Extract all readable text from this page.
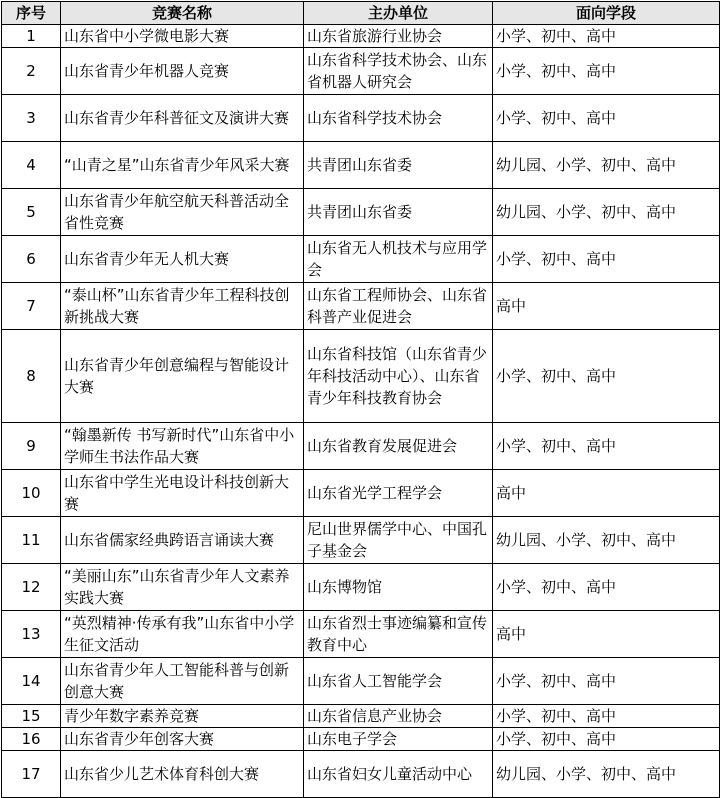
序号	竞赛名称	主办单位	面向学段
1	山东省中小学微电影大赛	山东省旅游行业协会	小学、初中、高中
2	山东省青少年机器人竞赛	山东省科学技术协会、山东省机器人研究会	小学、初中、高中
3	山东省青少年科普征文及演讲大赛	山东省科学技术协会	小学、初中、高中
4	“山青之星”山东省青少年风采大赛	共青团山东省委	幼儿园、小学、初中、高中
5	山东省青少年航空航天科普活动全省性竞赛	共青团山东省委	幼儿园、小学、初中、高中
6	山东省青少年无人机大赛	山东省无人机技术与应用学会	小学、初中、高中
7	“泰山杯”山东省青少年工程科技创新挑战大赛	山东省工程师协会、山东省科普产业促进会	高中
8	山东省青少年创意编程与智能设计大赛	山东省科技馆（山东省青少年科技活动中心）、山东省青少年科技教育协会	小学、初中、高中
9	“翰墨新传 书写新时代”山东省中小学师生书法作品大赛	山东省教育发展促进会	小学、初中、高中
10	山东省中学生光电设计科技创新大赛	山东省光学工程学会	高中
11	山东省儒家经典跨语言诵读大赛	尼山世界儒学中心、中国孔子基金会	幼儿园、小学、初中、高中
12	“美丽山东”山东省青少年人文素养实践大赛	山东博物馆	小学、初中、高中
13	“英烈精神·传承有我”山东省中小学生征文活动	山东省烈士事迹编纂和宣传教育中心	高中
14	山东省青少年人工智能科普与创新创意大赛	山东省人工智能学会	小学、初中、高中
15	青少年数字素养竞赛	山东省信息产业协会	小学、初中、高中
16	山东省青少年创客大赛	山东电子学会	小学、初中、高中
17	山东省少儿艺术体育科创大赛	山东省妇女儿童活动中心	幼儿园、小学、初中、高中
